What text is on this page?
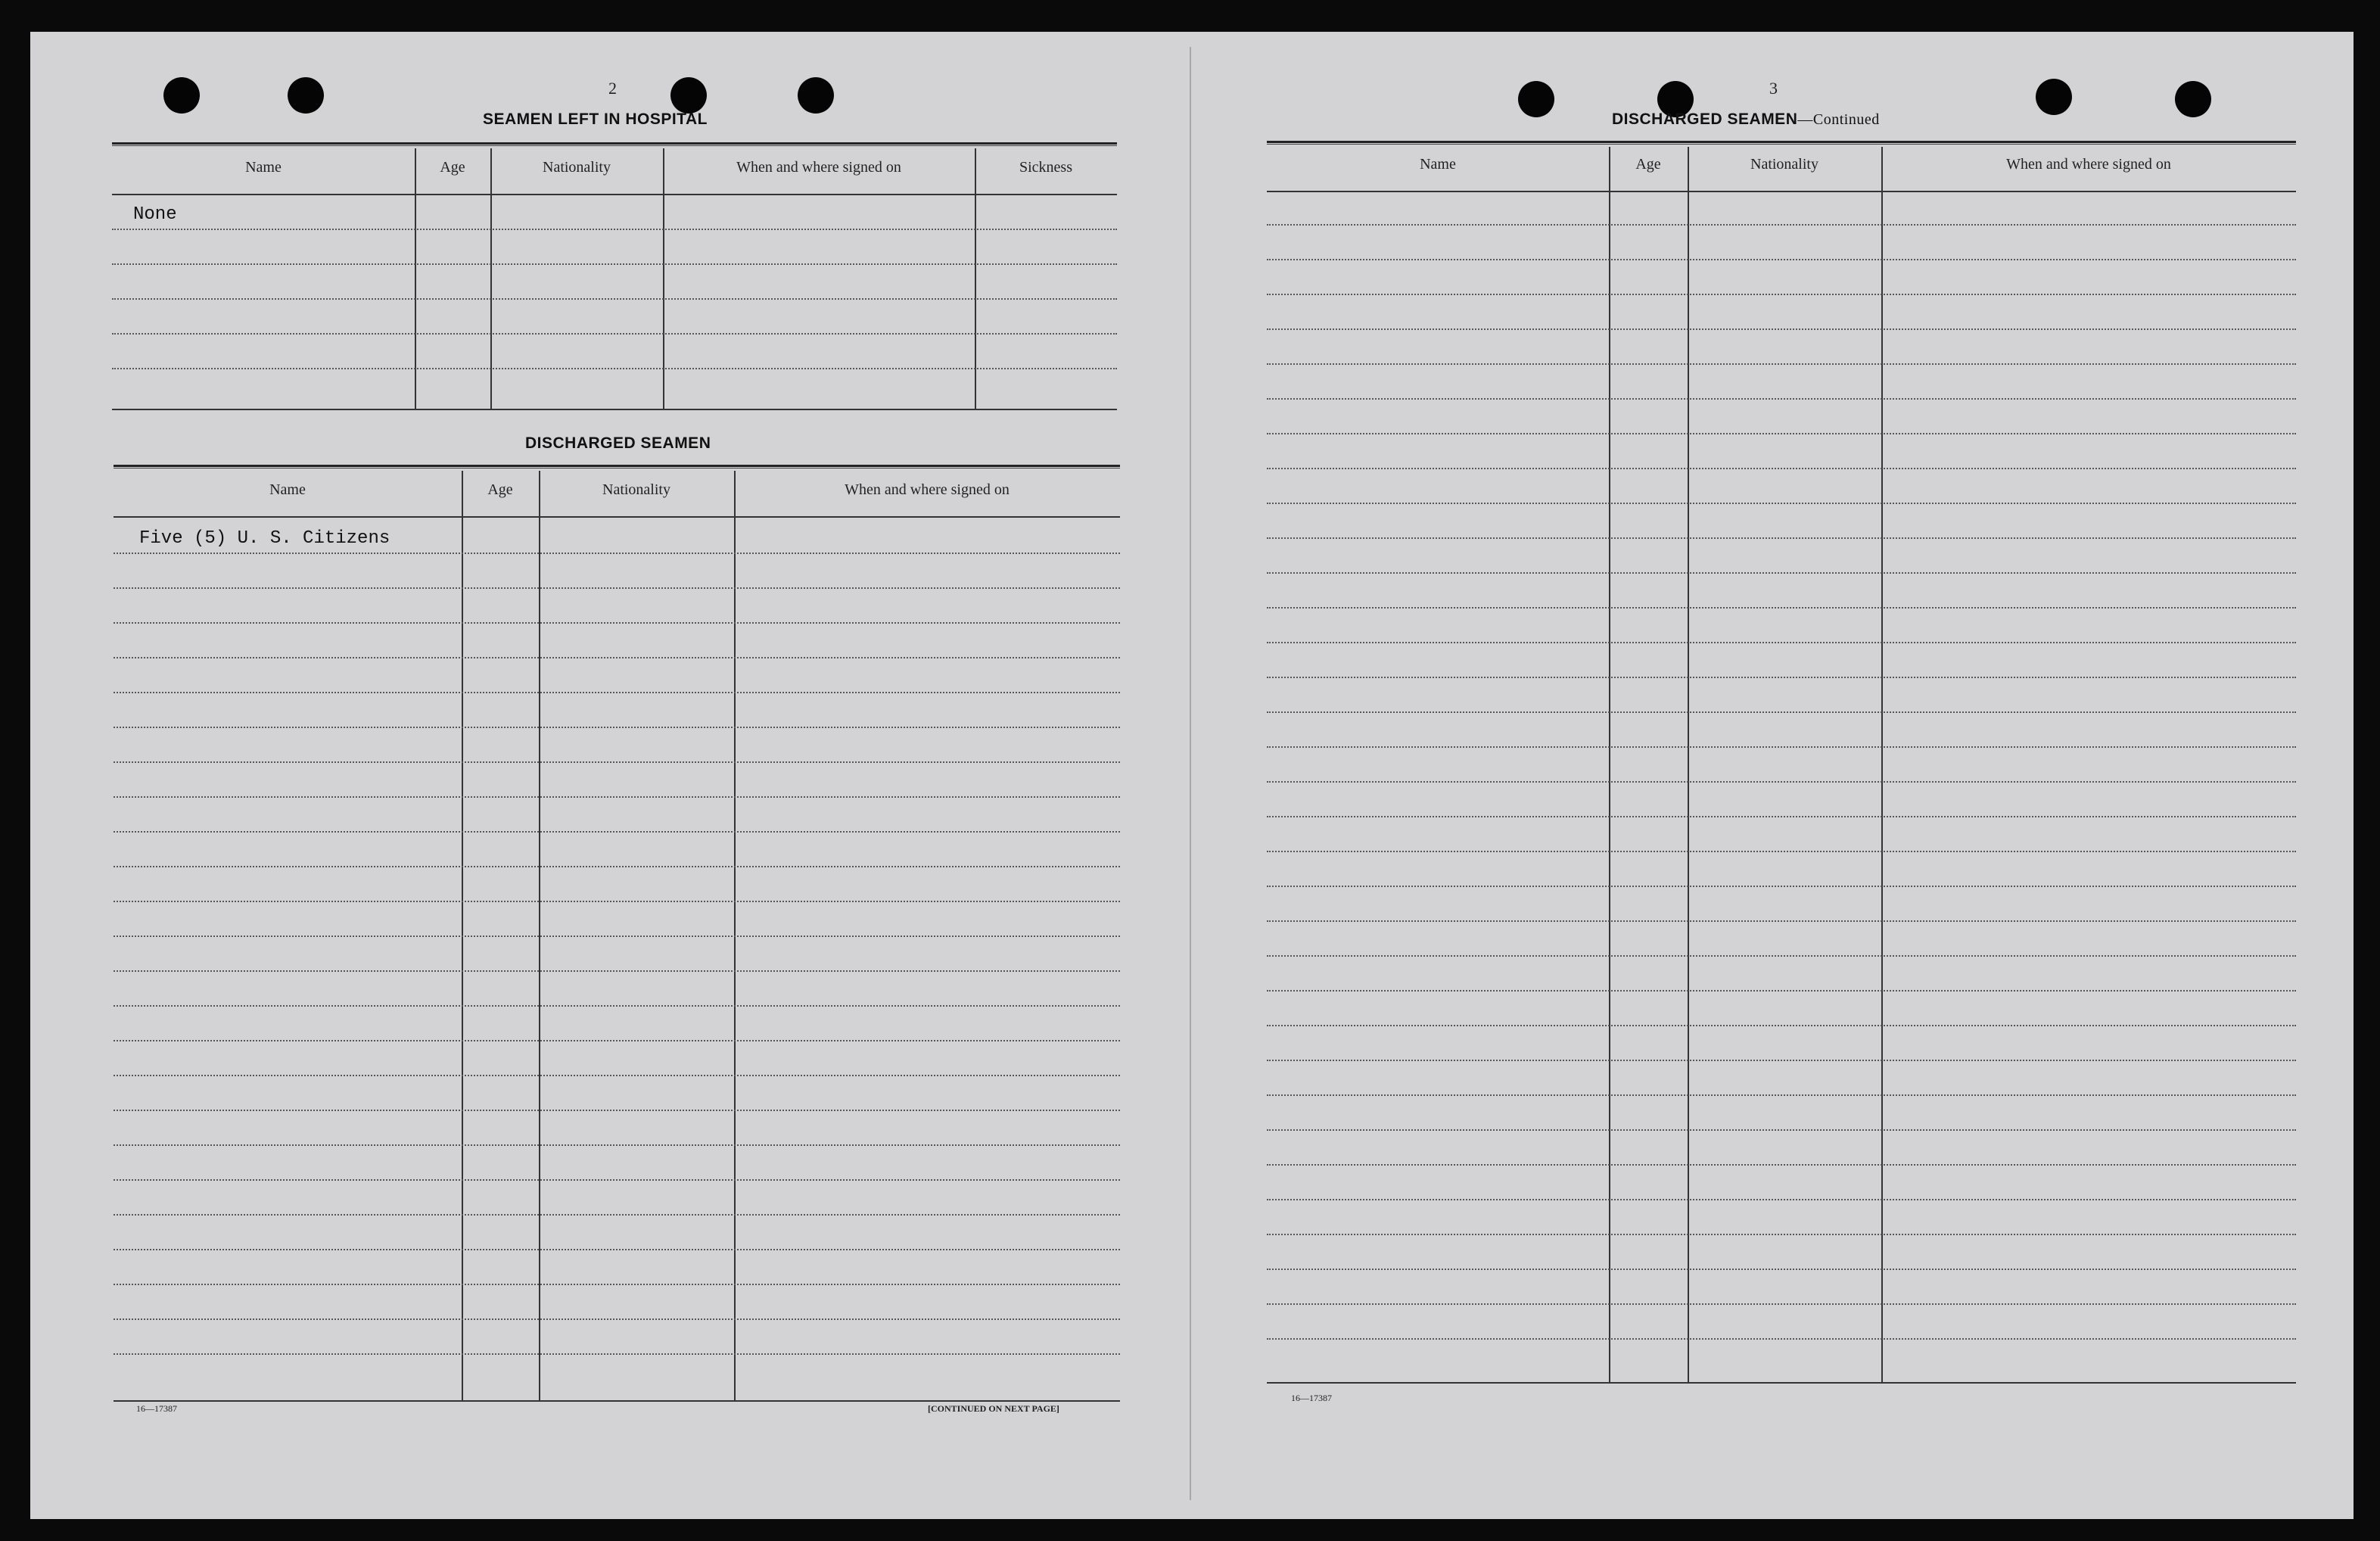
2
SEAMEN LEFT IN HOSPITAL
Name	Age	Nationality	When and where signed on	Sickness
None
DISCHARGED SEAMEN
Name	Age	Nationality	When and where signed on
Five (5) U. S. Citizens
16—17387	[CONTINUED ON NEXT PAGE]
3
DISCHARGED SEAMEN—Continued
Name	Age	Nationality	When and where signed on
16—17387
